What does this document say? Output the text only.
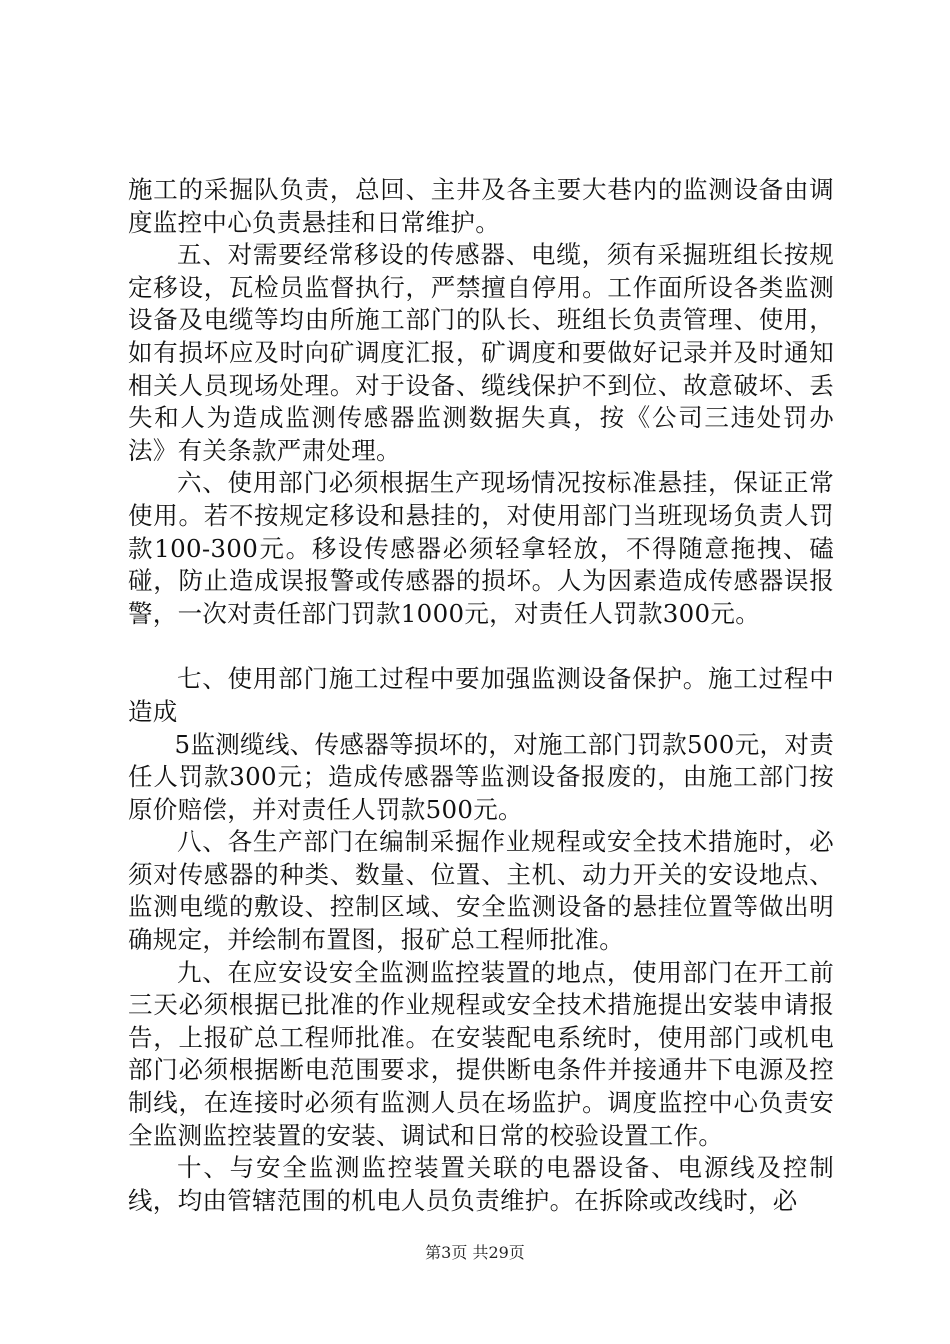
施工的采掘队负责，总回、主井及各主要大巷内的监测设备由调度监控中心负责悬挂和日常维护。

五、对需要经常移设的传感器、电缆，须有采掘班组长按规定移设，瓦检员监督执行，严禁擅自停用。工作面所设各类监测设备及电缆等均由所施工部门的队长、班组长负责管理、使用，如有损坏应及时向矿调度汇报，矿调度和要做好记录并及时通知相关人员现场处理。对于设备、缆线保护不到位、故意破坏、丢失和人为造成监测传感器监测数据失真，按《公司三违处罚办法》有关条款严肃处理。

六、使用部门必须根据生产现场情况按标准悬挂，保证正常使用。若不按规定移设和悬挂的，对使用部门当班现场负责人罚款100-300元。移设传感器必须轻拿轻放，不得随意拖拽、磕碰，防止造成误报警或传感器的损坏。人为因素造成传感器误报警，一次对责任部门罚款1000元，对责任人罚款300元。

七、使用部门施工过程中要加强监测设备保护。施工过程中造成

5监测缆线、传感器等损坏的，对施工部门罚款500元，对责任人罚款300元；造成传感器等监测设备报废的，由施工部门按原价赔偿，并对责任人罚款500元。

八、各生产部门在编制采掘作业规程或安全技术措施时，必须对传感器的种类、数量、位置、主机、动力开关的安设地点、监测电缆的敷设、控制区域、安全监测设备的悬挂位置等做出明确规定，并绘制布置图，报矿总工程师批准。

九、在应安设安全监测监控装置的地点，使用部门在开工前三天必须根据已批准的作业规程或安全技术措施提出安装申请报告，上报矿总工程师批准。在安装配电系统时，使用部门或机电部门必须根据断电范围要求，提供断电条件并接通井下电源及控制线，在连接时必须有监测人员在场监护。调度监控中心负责安全监测监控装置的安装、调试和日常的校验设置工作。

十、与安全监测监控装置关联的电器设备、电源线及控制线，均由管辖范围的机电人员负责维护。在拆除或改线时，必

第3页 共29页
